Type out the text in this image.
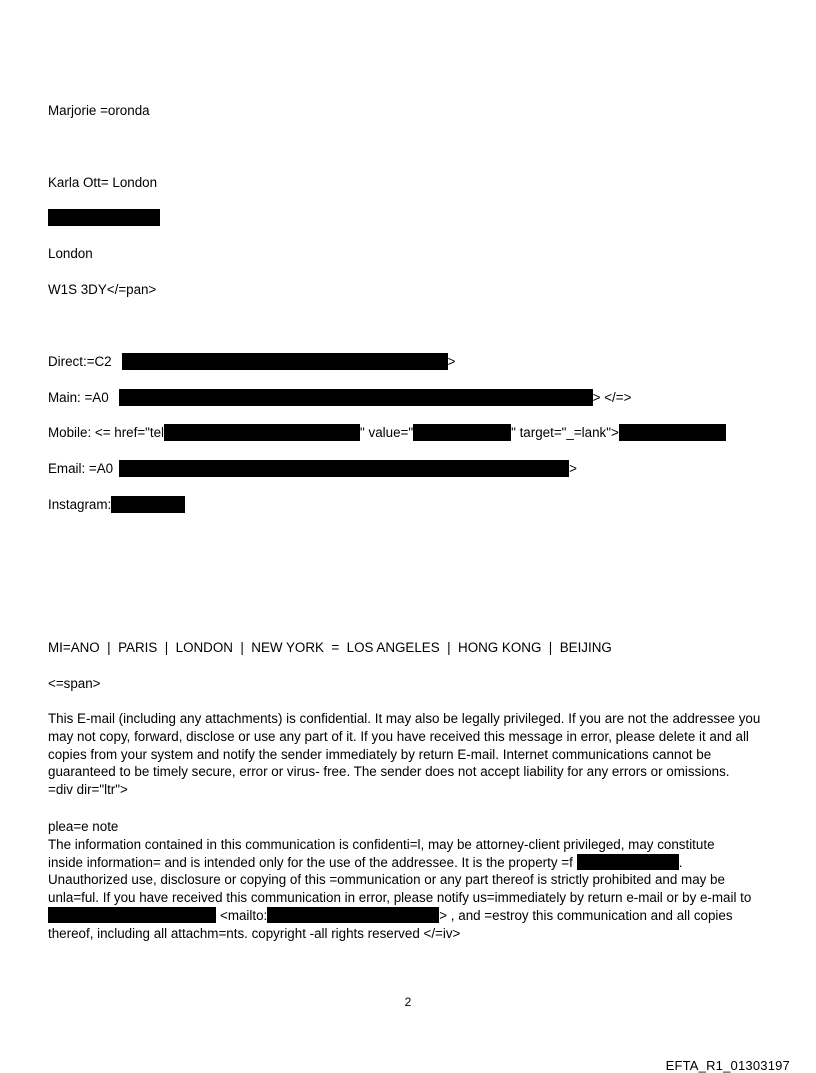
Marjorie =oronda
Karla Ott= London
London
W1S 3DY</=pan>
Direct:=C2	>
Main: =A0	> </=>
Mobile: <= href="tel	" value="	" target="_=lank">
Email: =A0	>
Instagram:
MI=ANO  |  PARIS  |  LONDON  |  NEW YORK  =  LOS ANGELES  |  HONG KONG  |  BEIJING
<=span>

This E-mail (including any attachments) is confidential. It may also be legally privileged. If you are not the addressee you

may not copy, forward, disclose or use any part of it. If you have received this message in error, please delete it and all

copies from your system and notify the sender immediately by return E-mail. Internet communications cannot be

guaranteed to be timely secure, error or virus- free. The sender does not accept liability for any errors or omissions.

=div dir="ltr">

plea=e note

The information contained in this communication is confidenti=l, may be attorney-client privileged, may constitute

inside information= and is intended only for the use of the addressee. It is the property =f	.

Unauthorized use, disclosure or copying of this =ommunication or any part thereof is strictly prohibited and may be

unla=ful. If you have received this communication in error, please notify us=immediately by return e-mail or by e-mail to

<mailto:	> , and =estroy this communication and all copies

thereof, including all attachm=nts. copyright -all rights reserved </=iv>

2
EFTA_R1_01303197
